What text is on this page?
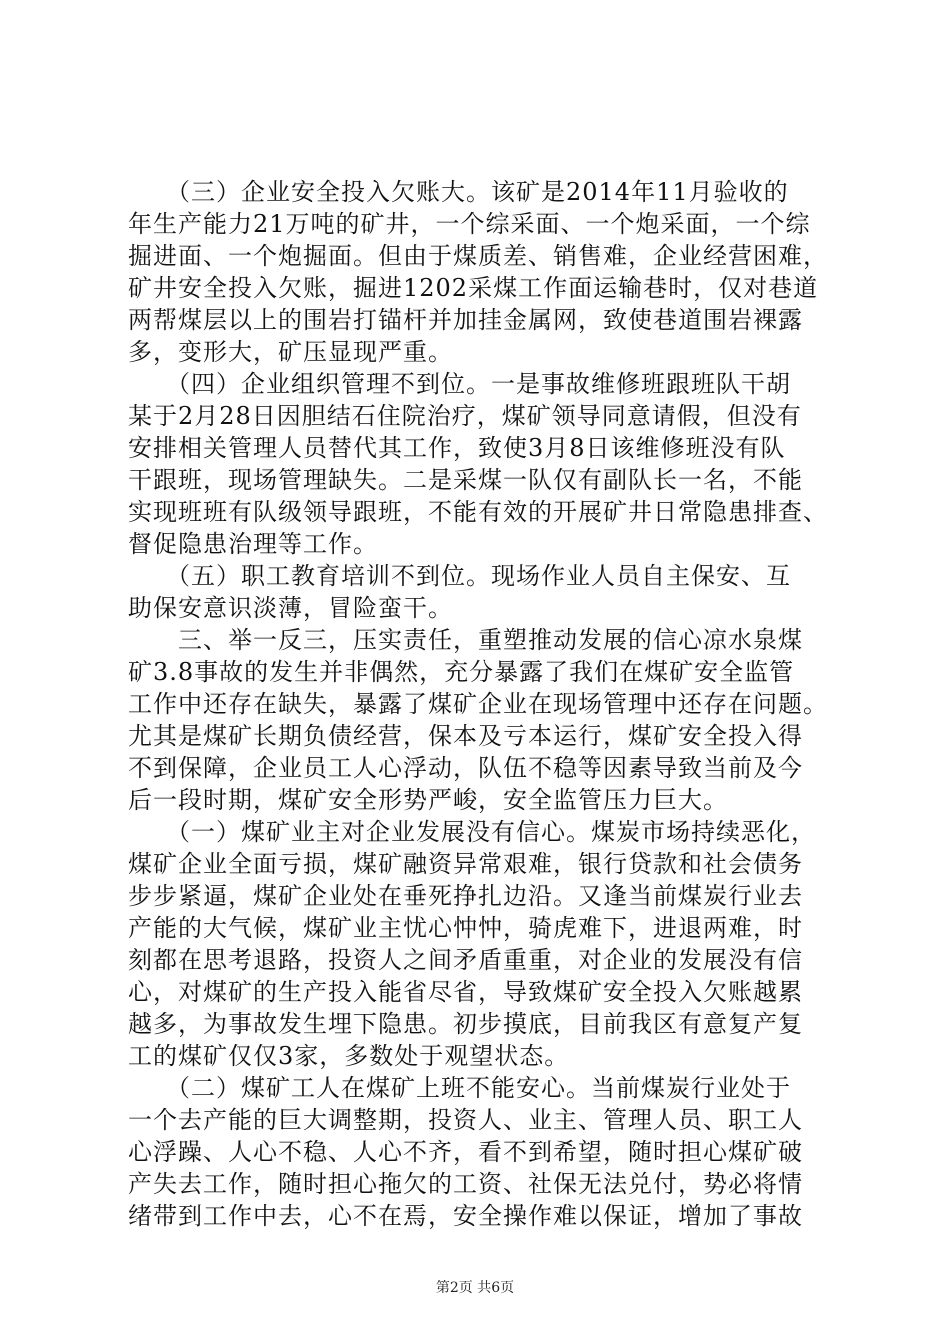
　　（三）企业安全投入欠账大。该矿是2014年11月验收的
年生产能力21万吨的矿井，一个综采面、一个炮采面，一个综
掘进面、一个炮掘面。但由于煤质差、销售难，企业经营困难，
矿井安全投入欠账，掘进1202采煤工作面运输巷时，仅对巷道
两帮煤层以上的围岩打锚杆并加挂金属网，致使巷道围岩裸露
多，变形大，矿压显现严重。
　　（四）企业组织管理不到位。一是事故维修班跟班队干胡
某于2月28日因胆结石住院治疗，煤矿领导同意请假，但没有
安排相关管理人员替代其工作，致使3月8日该维修班没有队
干跟班，现场管理缺失。二是采煤一队仅有副队长一名，不能
实现班班有队级领导跟班，不能有效的开展矿井日常隐患排查、
督促隐患治理等工作。
　　（五）职工教育培训不到位。现场作业人员自主保安、互
助保安意识淡薄，冒险蛮干。
　　三、举一反三，压实责任，重塑推动发展的信心凉水泉煤
矿3.8事故的发生并非偶然，充分暴露了我们在煤矿安全监管
工作中还存在缺失，暴露了煤矿企业在现场管理中还存在问题。
尤其是煤矿长期负债经营，保本及亏本运行，煤矿安全投入得
不到保障，企业员工人心浮动，队伍不稳等因素导致当前及今
后一段时期，煤矿安全形势严峻，安全监管压力巨大。
　　（一）煤矿业主对企业发展没有信心。煤炭市场持续恶化，
煤矿企业全面亏损，煤矿融资异常艰难，银行贷款和社会债务
步步紧逼，煤矿企业处在垂死挣扎边沿。又逢当前煤炭行业去
产能的大气候，煤矿业主忧心忡忡，骑虎难下，进退两难，时
刻都在思考退路，投资人之间矛盾重重，对企业的发展没有信
心，对煤矿的生产投入能省尽省，导致煤矿安全投入欠账越累
越多，为事故发生埋下隐患。初步摸底，目前我区有意复产复
工的煤矿仅仅3家，多数处于观望状态。
　　（二）煤矿工人在煤矿上班不能安心。当前煤炭行业处于
一个去产能的巨大调整期，投资人、业主、管理人员、职工人
心浮躁、人心不稳、人心不齐，看不到希望，随时担心煤矿破
产失去工作，随时担心拖欠的工资、社保无法兑付，势必将情
绪带到工作中去，心不在焉，安全操作难以保证，增加了事故
第2页 共6页
